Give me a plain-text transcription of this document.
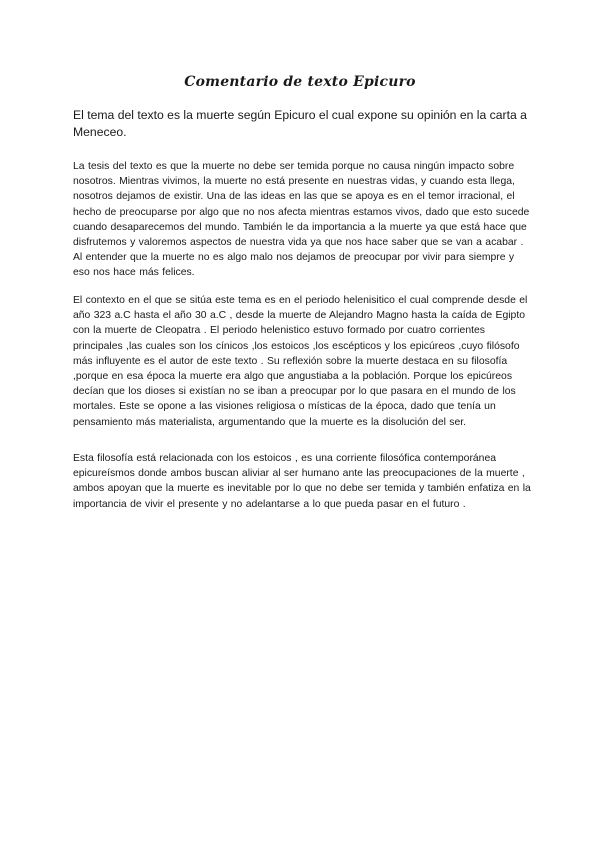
Comentario de texto Epicuro

El tema del texto es la muerte según Epicuro el cual expone su opinión en la carta a Meneceo.

La tesis del texto es que la muerte no debe ser temida porque no causa ningún impacto sobre nosotros. Mientras vivimos, la muerte no está presente en nuestras vidas, y cuando esta llega, nosotros dejamos de existir. Una de las ideas en las que se apoya es en el temor irracional, el hecho de preocuparse por algo que no nos afecta mientras estamos vivos, dado que esto sucede cuando desaparecemos del mundo. También le da importancia a la muerte ya que está hace que disfrutemos y valoremos aspectos de nuestra vida ya que nos hace saber que se van a acabar . Al entender que la muerte no es algo malo nos dejamos de preocupar por vivir para siempre y eso nos hace más felices.

El contexto en el que se sitúa este tema es en el periodo helenisitico el cual comprende desde el año 323 a.C hasta el año 30 a.C , desde la muerte de Alejandro Magno hasta la caída de Egipto con la muerte de Cleopatra . El periodo helenistico estuvo formado por cuatro corrientes principales ,las cuales son los cínicos ,los estoicos ,los escépticos y los epicúreos ,cuyo filósofo más influyente es el autor de este texto . Su reflexión sobre la muerte destaca en su filosofía ,porque en esa época la muerte era algo que angustiaba a la población. Porque los epicúreos decían que los dioses si existían no se iban a preocupar por lo que pasara en el mundo de los mortales. Este se opone a las visiones religiosa o místicas de la época, dado que tenía un pensamiento más materialista, argumentando que la muerte es la disolución del ser.

Esta filosofía está relacionada con los estoicos , es una corriente filosófica contemporánea epicureísmos donde ambos buscan aliviar al ser humano ante las preocupaciones de la muerte , ambos apoyan que la muerte es inevitable por lo que no debe ser temida y también enfatiza en la importancia de vivir el presente y no adelantarse a lo que pueda pasar en el futuro .
